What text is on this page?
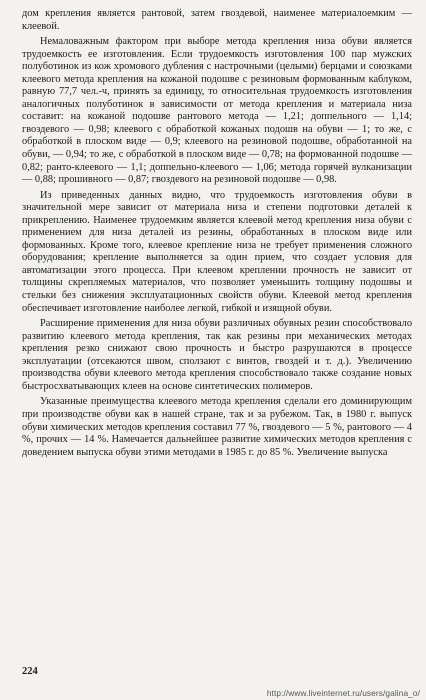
дом крепления является рантовой, затем гвоздевой, наименее материалоемким — клеевой.

Немаловажным фактором при выборе метода крепления низа обуви является трудоемкость ее изготовления. Если трудоемкость изготовления 100 пар мужских полуботинок из кож хромового дубления с настрочными (целыми) берцами и союзками клеевого метода крепления на кожаной подошве с резиновым формованным каблуком, равную 77,7 чел.-ч, принять за единицу, то относительная трудоемкость изготовления аналогичных полуботинок в зависимости от метода крепления и материала низа составит: на кожаной подошве рантового метода — 1,21; доппельного — 1,14; гвоздевого — 0,98; клеевого с обработкой кожаных подошв на обуви — 1; то же, с обработкой в плоском виде — 0,9; клеевого на резиновой подошве, обработанной на обуви, — 0,94; то же, с обработкой в плоском виде — 0,78; на формованной подошве — 0,82; ранто-клеевого — 1,1; доппельно-клеевого — 1,06; метода горячей вулканизации — 0,88; прошивного — 0,87; гвоздевого на резиновой подошве — 0,98.

Из приведенных данных видно, что трудоемкость изготовления обуви в значительной мере зависит от материала низа и степени подготовки деталей к прикреплению. Наименее трудоемким является клеевой метод крепления низа обуви с применением для низа деталей из резины, обработанных в плоском виде или формованных. Кроме того, клеевое крепление низа не требует применения сложного оборудования; крепление выполняется за один прием, что создает условия для автоматизации этого процесса. При клеевом креплении прочность не зависит от толщины скрепляемых материалов, что позволяет уменьшить толщину подошвы и стельки без снижения эксплуатационных свойств обуви. Клеевой метод крепления обеспечивает изготовление наиболее легкой, гибкой и изящной обуви.

Расширение применения для низа обуви различных обувных резин способствовало развитию клеевого метода крепления, так как резины при механических методах крепления резко снижают свою прочность и быстро разрушаются в процессе эксплуатации (отсекаются швом, сползают с винтов, гвоздей и т. д.). Увеличению производства обуви клеевого метода крепления способствовало также создание новых быстросхватывающих клеев на основе синтетических полимеров.

Указанные преимущества клеевого метода крепления сделали его доминирующим при производстве обуви как в нашей стране, так и за рубежом. Так, в 1980 г. выпуск обуви химических методов крепления составил 77 %, гвоздевого — 5 %, рантового — 4 %, прочих — 14 %. Намечается дальнейшее развитие химических методов крепления с доведением выпуска обуви этими методами в 1985 г. до 85 %. Увеличение выпуска

224
http://www.liveinternet.ru/users/galina_o/
